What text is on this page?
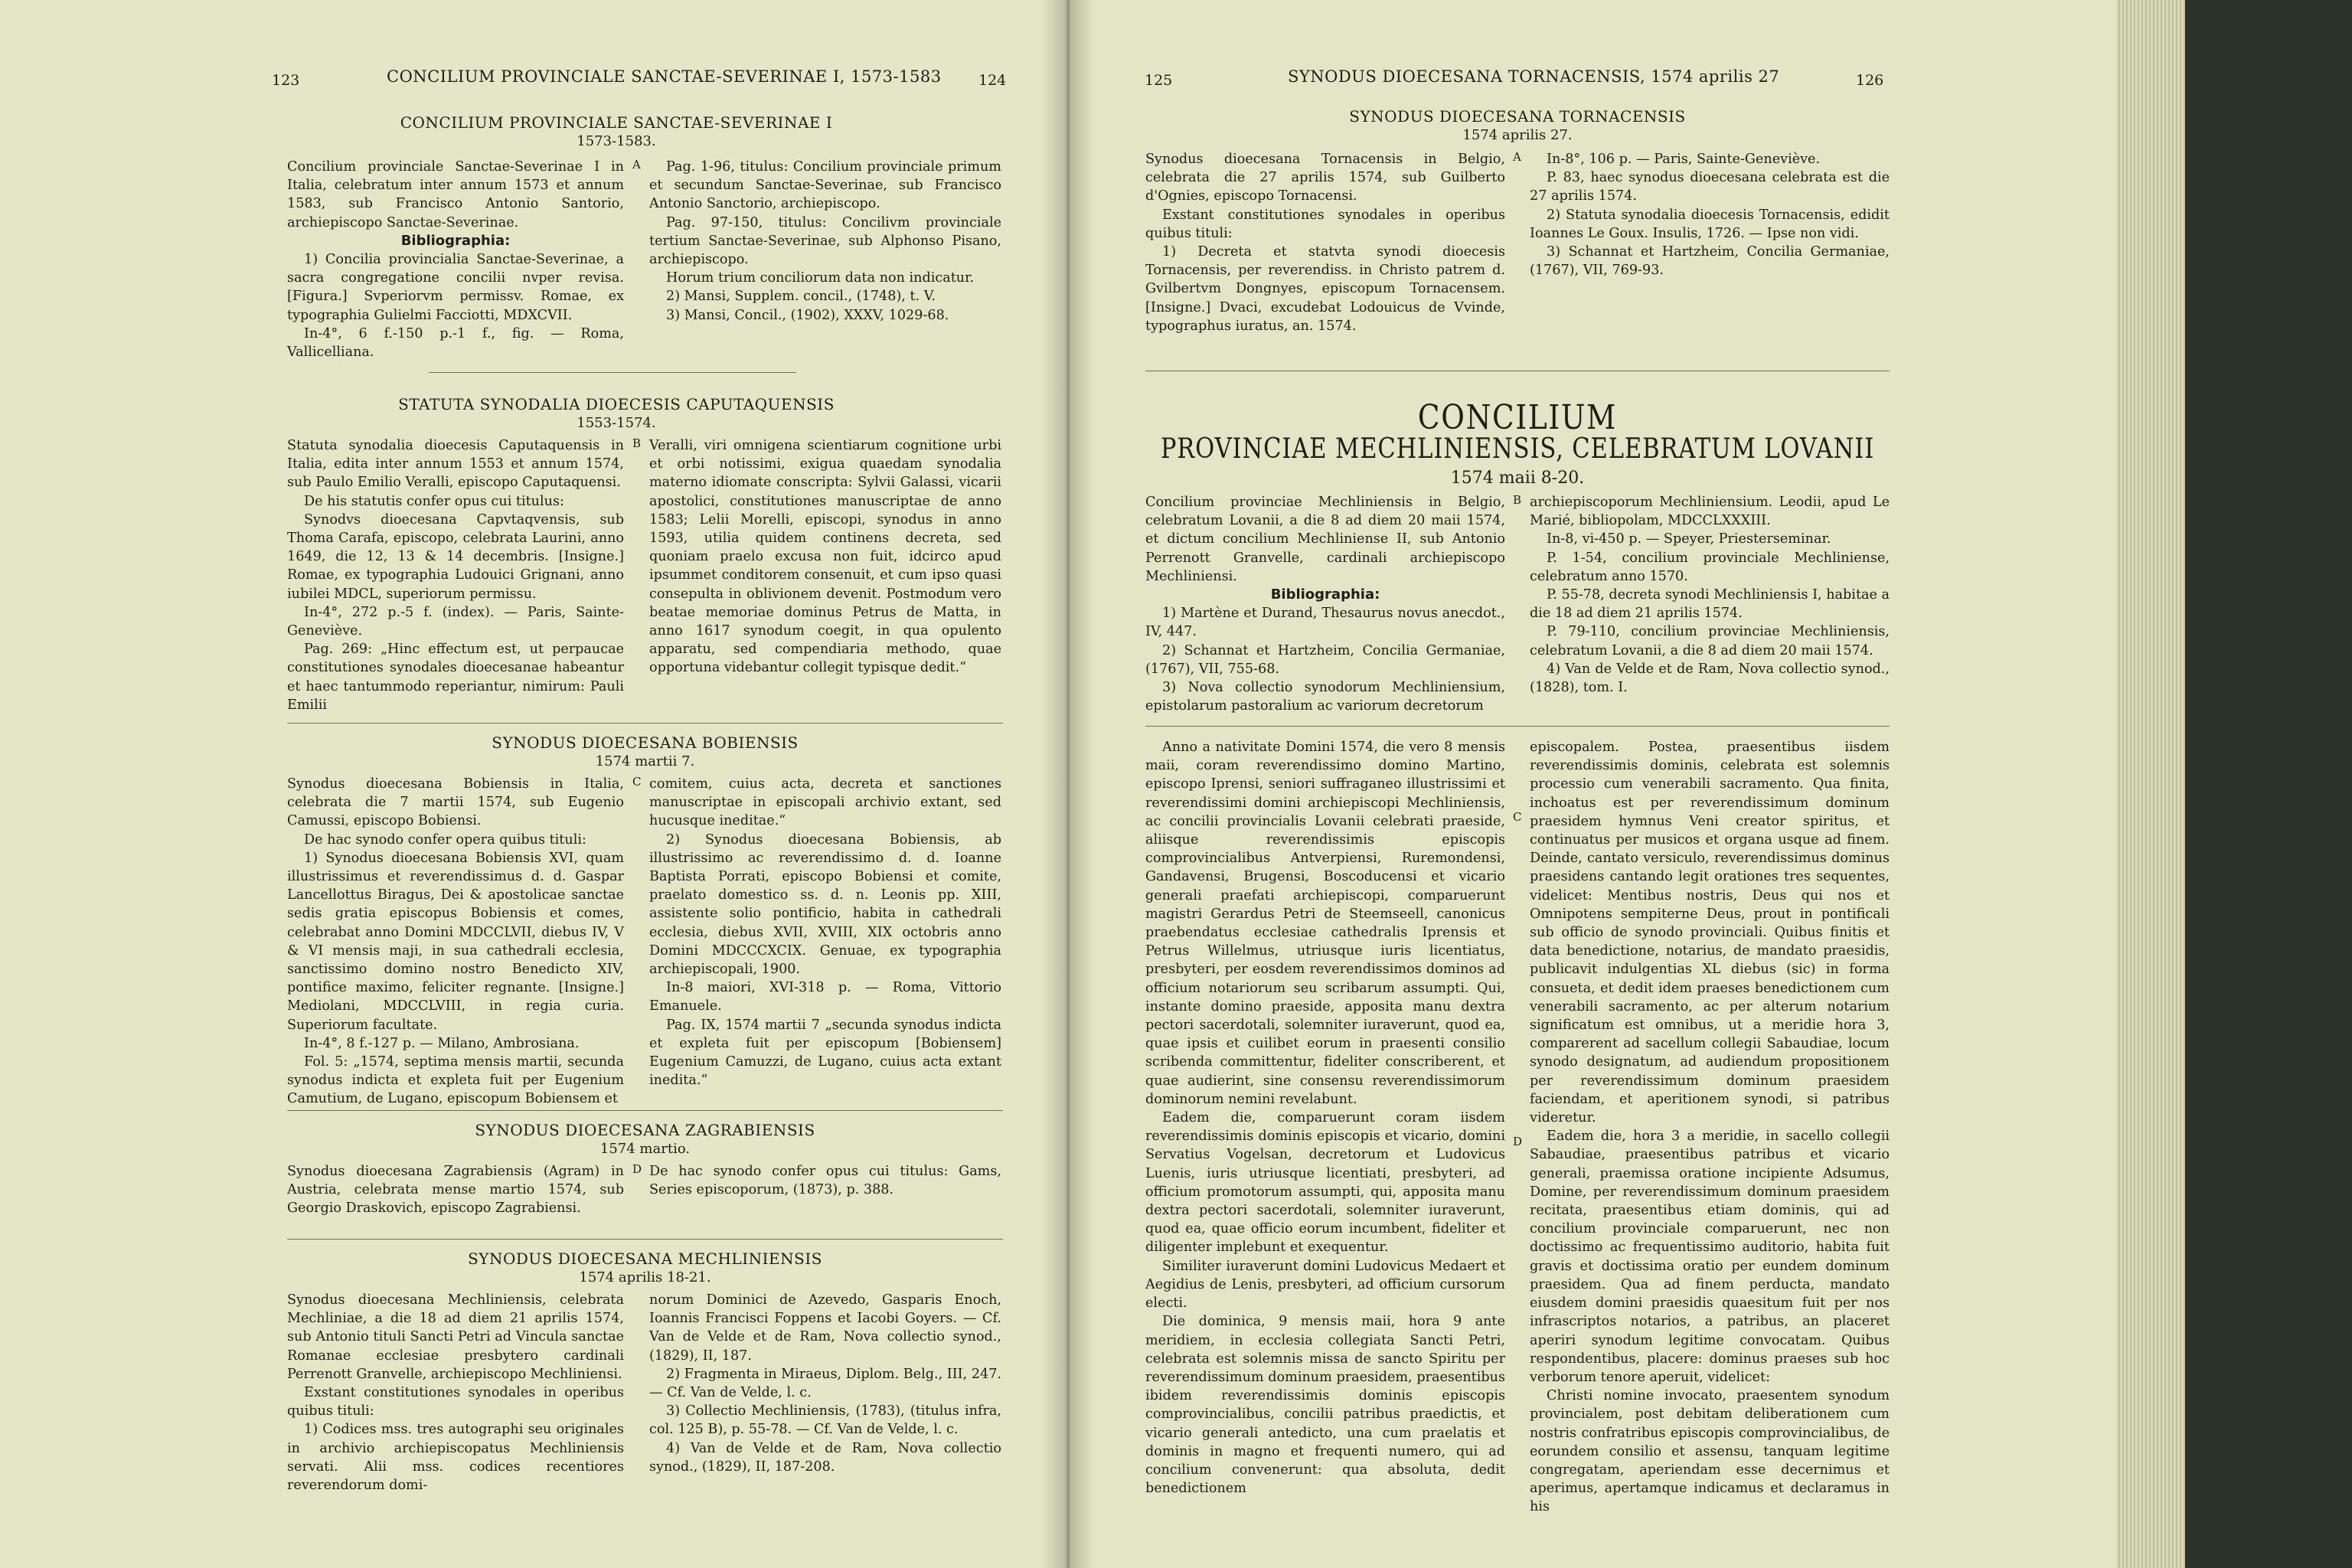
123	CONCILIUM PROVINCIALE SANCTAE-SEVERINAE I, 1573-1583	124
CONCILIUM PROVINCIALE SANCTAE-SEVERINAE I
1573-1583.

Concilium provinciale Sanctae-Severinae I in Italia, celebratum inter annum 1573 et annum 1583, sub Francisco Antonio Santorio, archiepiscopo Sanctae-Severinae.

Bibliographia:

1) Concilia provincialia Sanctae-Severinae, a sacra congregatione concilii nvper revisa. [Figura.] Svperiorvm permissv. Romae, ex typographia Gulielmi Facciotti, MDXCVII.

In-4°, 6 f.-150 p.-1 f., fig. — Roma, Vallicelliana.

A	Pag. 1-96, titulus: Concilium provinciale primum et secundum Sanctae-Severinae, sub Francisco Antonio Sanctorio, archiepiscopo.

Pag. 97-150, titulus: Concilivm provinciale tertium Sanctae-Severinae, sub Alphonso Pisano, archiepiscopo.

Horum trium conciliorum data non indicatur.

2) Mansi, Supplem. concil., (1748), t. V.

3) Mansi, Concil., (1902), XXXV, 1029-68.

STATUTA SYNODALIA DIOECESIS CAPUTAQUENSIS
1553-1574.

Statuta synodalia dioecesis Caputaquensis in Italia, edita inter annum 1553 et annum 1574, sub Paulo Emilio Veralli, episcopo Caputaquensi.

De his statutis confer opus cui titulus:

Synodvs dioecesana Capvtaqvensis, sub Thoma Carafa, episcopo, celebrata Laurini, anno 1649, die 12, 13 & 14 decembris. [Insigne.] Romae, ex typographia Ludouici Grignani, anno iubilei MDCL, superiorum permissu.

In-4°, 272 p.-5 f. (index). — Paris, Sainte-Geneviève.

Pag. 269: „Hinc effectum est, ut perpaucae constitutiones synodales dioecesanae habeantur et haec tantummodo reperiantur, nimirum: Pauli Emilii

B Veralli, viri omnigena scientiarum cognitione urbi et orbi notissimi, exigua quaedam synodalia materno idiomate conscripta: Sylvii Galassi, vicarii apostolici, constitutiones manuscriptae de anno 1583; Lelii Morelli, episcopi, synodus in anno 1593, utilia quidem continens decreta, sed quoniam praelo excusa non fuit, idcirco apud ipsummet conditorem consenuit, et cum ipso quasi consepulta in oblivionem devenit. Postmodum vero beatae memoriae dominus Petrus de Matta, in anno 1617 synodum coegit, in qua opulento apparatu, sed compendiaria methodo, quae opportuna videbantur collegit typisque dedit.“

SYNODUS DIOECESANA BOBIENSIS
1574 martii 7.

Synodus dioecesana Bobiensis in Italia, celebrata die 7 martii 1574, sub Eugenio Camussi, episcopo Bobiensi.

De hac synodo confer opera quibus tituli:

1) Synodus dioecesana Bobiensis XVI, quam illustrissimus et reverendissimus d. d. Gaspar Lancellottus Biragus, Dei & apostolicae sanctae sedis gratia episcopus Bobiensis et comes, celebrabat anno Domini MDCCLVII, diebus IV, V & VI mensis maji, in sua cathedrali ecclesia, sanctissimo domino nostro Benedicto XIV, pontifice maximo, feliciter regnante. [Insigne.] Mediolani, MDCCLVIII, in regia curia. Superiorum facultate.

In-4°, 8 f.-127 p. — Milano, Ambrosiana.

Fol. 5: „1574, septima mensis martii, secunda synodus indicta et expleta fuit per Eugenium Camutium, de Lugano, episcopum Bobiensem et

C comitem, cuius acta, decreta et sanctiones manuscriptae in episcopali archivio extant, sed hucusque ineditae.“

2) Synodus dioecesana Bobiensis, ab illustrissimo ac reverendissimo d. d. Ioanne Baptista Porrati, episcopo Bobiensi et comite, praelato domestico ss. d. n. Leonis pp. XIII, assistente solio pontificio, habita in cathedrali ecclesia, diebus XVII, XVIII, XIX octobris anno Domini MDCCCXCIX. Genuae, ex typographia archiepiscopali, 1900.

In-8 maiori, XVI-318 p. — Roma, Vittorio Emanuele.

Pag. IX, 1574 martii 7 „secunda synodus indicta et expleta fuit per episcopum [Bobiensem] Eugenium Camuzzi, de Lugano, cuius acta extant inedita.“

SYNODUS DIOECESANA ZAGRABIENSIS
1574 martio.

Synodus dioecesana Zagrabiensis (Agram) in Austria, celebrata mense martio 1574, sub Georgio Draskovich, episcopo Zagrabiensi.

D De hac synodo confer opus cui titulus: Gams, Series episcoporum, (1873), p. 388.

SYNODUS DIOECESANA MECHLINIENSIS
1574 aprilis 18-21.

Synodus dioecesana Mechliniensis, celebrata Mechliniae, a die 18 ad diem 21 aprilis 1574, sub Antonio tituli Sancti Petri ad Vincula sanctae Romanae ecclesiae presbytero cardinali Perrenott Granvelle, archiepiscopo Mechliniensi.

Exstant constitutiones synodales in operibus quibus tituli:

1) Codices mss. tres autographi seu originales in archivio archiepiscopatus Mechliniensis servati. Alii mss. codices recentiores reverendorum domi-

norum Dominici de Azevedo, Gasparis Enoch, Ioannis Francisci Foppens et Iacobi Goyers. — Cf. Van de Velde et de Ram, Nova collectio synod., (1829), II, 187.

2) Fragmenta in Miraeus, Diplom. Belg., III, 247. — Cf. Van de Velde, l. c.

3) Collectio Mechliniensis, (1783), (titulus infra, col. 125 B), p. 55-78. — Cf. Van de Velde, l. c.

4) Van de Velde et de Ram, Nova collectio synod., (1829), II, 187-208.

125	SYNODUS DIOECESANA TORNACENSIS, 1574 aprilis 27	126
SYNODUS DIOECESANA TORNACENSIS
1574 aprilis 27.

Synodus dioecesana Tornacensis in Belgio, celebrata die 27 aprilis 1574, sub Guilberto d'Ognies, episcopo Tornacensi.

Exstant constitutiones synodales in operibus quibus tituli:

1) Decreta et statvta synodi dioecesis Tornacensis, per reverendiss. in Christo patrem d. Gvilbertvm Dongnyes, episcopum Tornacensem. [Insigne.] Dvaci, excudebat Lodouicus de Vvinde, typographus iuratus, an. 1574.

A	In-8°, 106 p. — Paris, Sainte-Geneviève.

P. 83, haec synodus dioecesana celebrata est die 27 aprilis 1574.

2) Statuta synodalia dioecesis Tornacensis, edidit Ioannes Le Goux. Insulis, 1726. — Ipse non vidi.

3) Schannat et Hartzheim, Concilia Germaniae, (1767), VII, 769-93.

CONCILIUM
PROVINCIAE MECHLINIENSIS, CELEBRATUM LOVANII
1574 maii 8-20.

Concilium provinciae Mechliniensis in Belgio, celebratum Lovanii, a die 8 ad diem 20 maii 1574, et dictum concilium Mechliniense II, sub Antonio Perrenott Granvelle, cardinali archiepiscopo Mechliniensi.

Bibliographia:

1) Martène et Durand, Thesaurus novus anecdot., IV, 447.

2) Schannat et Hartzheim, Concilia Germaniae, (1767), VII, 755-68.

3) Nova collectio synodorum Mechliniensium, epistolarum pastoralium ac variorum decretorum

B archiepiscoporum Mechliniensium. Leodii, apud Le Marié, bibliopolam, MDCCLXXXIII.

In-8, vi-450 p. — Speyer, Priesterseminar.

P. 1-54, concilium provinciale Mechliniense, celebratum anno 1570.

P. 55-78, decreta synodi Mechliniensis I, habitae a die 18 ad diem 21 aprilis 1574.

P. 79-110, concilium provinciae Mechliniensis, celebratum Lovanii, a die 8 ad diem 20 maii 1574.

4) Van de Velde et de Ram, Nova collectio synod., (1828), tom. I.

Anno a nativitate Domini 1574, die vero 8 mensis maii, coram reverendissimo domino Martino, episcopo Iprensi, seniori suffraganeo illustrissimi et reverendissimi domini archiepiscopi Mechliniensis, ac concilii provincialis Lovanii celebrati praeside, aliisque reverendissimis episcopis comprovincialibus Antverpiensi, Ruremondensi, Gandavensi, Brugensi, Boscoducensi et vicario generali praefati archiepiscopi, comparuerunt magistri Gerardus Petri de Steemseell, canonicus praebendatus ecclesiae cathedralis Iprensis et Petrus Willelmus, utriusque iuris licentiatus, presbyteri, per eosdem reverendissimos dominos ad officium notariorum seu scribarum assumpti. Qui, instante domino praeside, apposita manu dextra pectori sacerdotali, solemniter iuraverunt, quod ea, quae ipsis et cuilibet eorum in praesenti consilio scribenda committentur, fideliter conscriberent, et quae audierint, sine consensu reverendissimorum dominorum nemini revelabunt.

Eadem die, comparuerunt coram iisdem reverendissimis dominis episcopis et vicario, domini Servatius Vogelsan, decretorum et Ludovicus Luenis, iuris utriusque licentiati, presbyteri, ad officium promotorum assumpti, qui, apposita manu dextra pectori sacerdotali, solemniter iuraverunt, quod ea, quae officio eorum incumbent, fideliter et diligenter implebunt et exequentur.

Similiter iuraverunt domini Ludovicus Medaert et Aegidius de Lenis, presbyteri, ad officium cursorum electi.

Die dominica, 9 mensis maii, hora 9 ante meridiem, in ecclesia collegiata Sancti Petri, celebrata est solemnis missa de sancto Spiritu per reverendissimum dominum praesidem, praesentibus ibidem reverendissimis dominis episcopis comprovincialibus, concilii patribus praedictis, et vicario generali antedicto, una cum praelatis et dominis in magno et frequenti numero, qui ad concilium convenerunt: qua absoluta, dedit benedictionem

C
D

episcopalem. Postea, praesentibus iisdem reverendissimis dominis, celebrata est solemnis processio cum venerabili sacramento. Qua finita, inchoatus est per reverendissimum dominum praesidem hymnus Veni creator spiritus, et continuatus per musicos et organa usque ad finem. Deinde, cantato versiculo, reverendissimus dominus praesidens cantando legit orationes tres sequentes, videlicet: Mentibus nostris, Deus qui nos et Omnipotens sempiterne Deus, prout in pontificali sub officio de synodo provinciali. Quibus finitis et data benedictione, notarius, de mandato praesidis, publicavit indulgentias XL diebus (sic) in forma consueta, et dedit idem praeses benedictionem cum venerabili sacramento, ac per alterum notarium significatum est omnibus, ut a meridie hora 3, comparerent ad sacellum collegii Sabaudiae, locum synodo designatum, ad audiendum propositionem per reverendissimum dominum praesidem faciendam, et aperitionem synodi, si patribus videretur.

Eadem die, hora 3 a meridie, in sacello collegii Sabaudiae, praesentibus patribus et vicario generali, praemissa oratione incipiente Adsumus, Domine, per reverendissimum dominum praesidem recitata, praesentibus etiam dominis, qui ad concilium provinciale comparuerunt, nec non doctissimo ac frequentissimo auditorio, habita fuit gravis et doctissima oratio per eundem dominum praesidem. Qua ad finem perducta, mandato eiusdem domini praesidis quaesitum fuit per nos infrascriptos notarios, a patribus, an placeret aperiri synodum legitime convocatam. Quibus respondentibus, placere: dominus praeses sub hoc verborum tenore aperuit, videlicet:

Christi nomine invocato, praesentem synodum provincialem, post debitam deliberationem cum nostris confratribus episcopis comprovincialibus, de eorundem consilio et assensu, tanquam legitime congregatam, aperiendam esse decernimus et aperimus, apertamque indicamus et declaramus in his
